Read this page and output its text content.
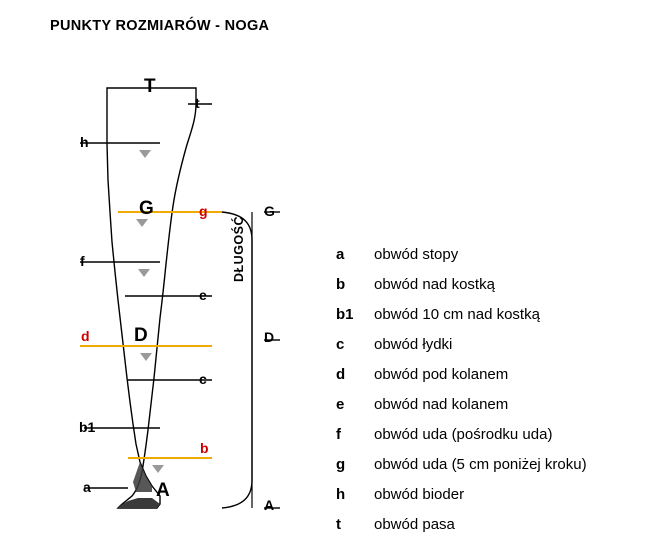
PUNKTY ROZMIARÓW - NOGA
T
G
D
A
h
f
d
b1
a
t
g
e
c
b
G
D
A
DŁUGOŚĆ	a	obwód stopy
b	obwód nad kostką
b1	obwód 10 cm nad kostką
c	obwód łydki
d	obwód pod kolanem
e	obwód nad kolanem
f	obwód uda (pośrodku uda)
g	obwód uda (5 cm poniżej kroku)
h	obwód bioder
t	obwód pasa
